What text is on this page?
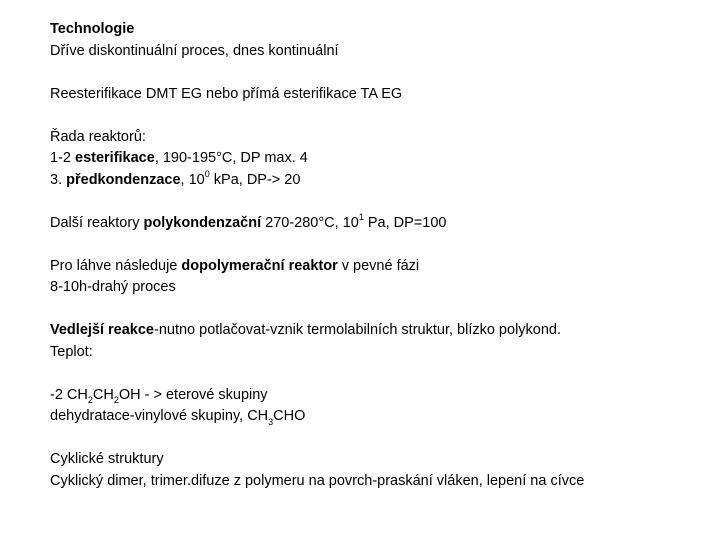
Technologie
Dříve diskontinuální proces, dnes kontinuální
Reesterifikace DMT EG nebo přímá esterifikace TA EG
Řada reaktorů:
1-2 esterifikace, 190-195°C, DP max. 4
3. předkondenzace, $10^0$ kPa, DP-> 20
Další reaktory polykondenzační 270-280°C, $10^1$ Pa, DP=100
Pro láhve následuje dopolymerační reaktor v pevné fázi
8-10h-drahý proces
Vedlejší reakce-nutno potlačovat-vznik termolabilních struktur, blízko polykond. Teplot:
-2 $CH_2CH_2OH$ - > eterové skupiny
dehydratace-vinylové skupiny, $CH_3CHO$
Cyklické struktury
Cyklický dimer, trimer.difuze z polymeru na povrch-praskání vláken, lepení na cívce
